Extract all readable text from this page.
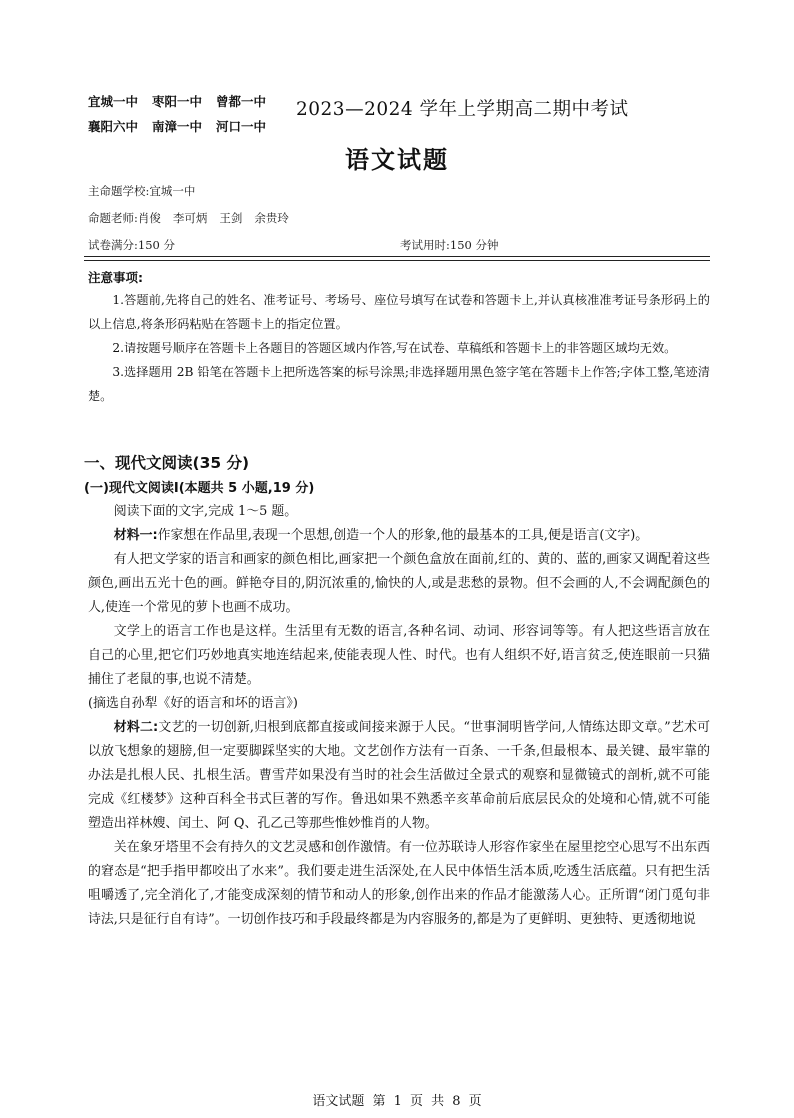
宜城一中 枣阳一中 曾都一中
襄阳六中 南漳一中 河口一中
2023—2024 学年上学期高二期中考试
语文试题
主命题学校:宜城一中
命题老师:肖俊 李可炳 王剑 余贵玲
试卷满分:150 分	考试用时:150 分钟
注意事项:

1.答题前,先将自己的姓名、准考证号、考场号、座位号填写在试卷和答题卡上,并认真核准准考证号条形码上的以上信息,将条形码粘贴在答题卡上的指定位置。

2.请按题号顺序在答题卡上各题目的答题区域内作答,写在试卷、草稿纸和答题卡上的非答题区域均无效。

3.选择题用 2B 铅笔在答题卡上把所选答案的标号涂黑;非选择题用黑色签字笔在答题卡上作答;字体工整,笔迹清楚。

一、现代文阅读(35 分)
(一)现代文阅读Ⅰ(本题共 5 小题,19 分)

阅读下面的文字,完成 1～5 题。

材料一:作家想在作品里,表现一个思想,创造一个人的形象,他的最基本的工具,便是语言(文字)。

有人把文学家的语言和画家的颜色相比,画家把一个颜色盒放在面前,红的、黄的、蓝的,画家又调配着这些颜色,画出五光十色的画。鲜艳夺目的,阴沉浓重的,愉快的人,或是悲愁的景物。但不会画的人,不会调配颜色的人,使连一个常见的萝卜也画不成功。

文学上的语言工作也是这样。生活里有无数的语言,各种名词、动词、形容词等等。有人把这些语言放在自己的心里,把它们巧妙地真实地连结起来,使能表现人性、时代。也有人组织不好,语言贫乏,使连眼前一只猫捕住了老鼠的事,也说不清楚。

(摘选自孙犁《好的语言和坏的语言》)

材料二:文艺的一切创新,归根到底都直接或间接来源于人民。“世事洞明皆学问,人情练达即文章。”艺术可以放飞想象的翅膀,但一定要脚踩坚实的大地。文艺创作方法有一百条、一千条,但最根本、最关键、最牢靠的办法是扎根人民、扎根生活。曹雪芹如果没有当时的社会生活做过全景式的观察和显微镜式的剖析,就不可能完成《红楼梦》这种百科全书式巨著的写作。鲁迅如果不熟悉辛亥革命前后底层民众的处境和心情,就不可能塑造出祥林嫂、闰土、阿 Q、孔乙己等那些惟妙惟肖的人物。

关在象牙塔里不会有持久的文艺灵感和创作激情。有一位苏联诗人形容作家坐在屋里挖空心思写不出东西的窘态是“把手指甲都咬出了水来”。我们要走进生活深处,在人民中体悟生活本质,吃透生活底蕴。只有把生活咀嚼透了,完全消化了,才能变成深刻的情节和动人的形象,创作出来的作品才能激荡人心。正所谓“闭门觅句非诗法,只是征行自有诗”。一切创作技巧和手段最终都是为内容服务的,都是为了更鲜明、更独特、更透彻地说

语文试题 第 1 页 共 8 页
